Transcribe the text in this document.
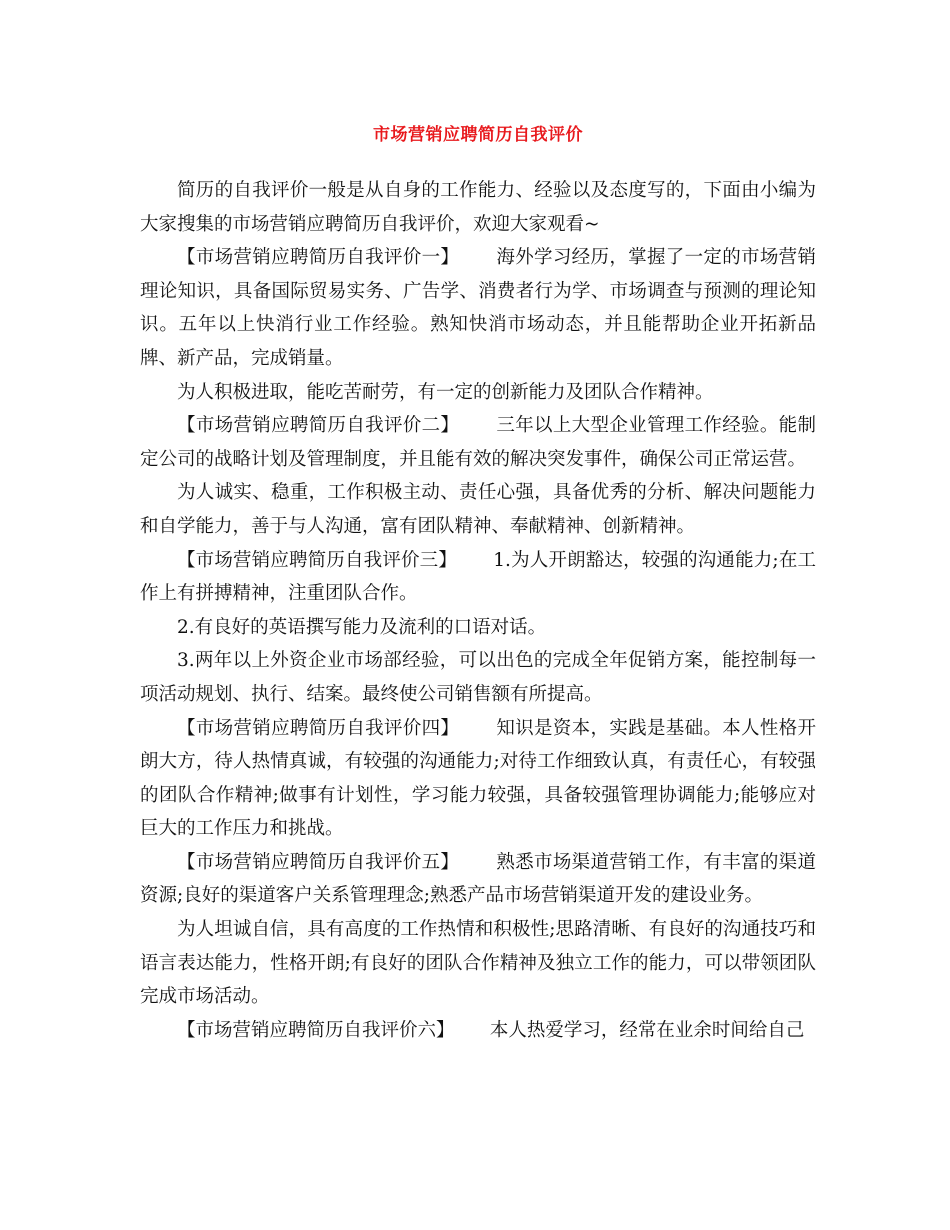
市场营销应聘简历自我评价

简历的自我评价一般是从自身的工作能力、经验以及态度写的，下面由小编为大家搜集的市场营销应聘简历自我评价，欢迎大家观看~

【市场营销应聘简历自我评价一】 海外学习经历，掌握了一定的市场营销理论知识，具备国际贸易实务、广告学、消费者行为学、市场调查与预测的理论知识。五年以上快消行业工作经验。熟知快消市场动态，并且能帮助企业开拓新品牌、新产品，完成销量。

为人积极进取，能吃苦耐劳，有一定的创新能力及团队合作精神。

【市场营销应聘简历自我评价二】 三年以上大型企业管理工作经验。能制定公司的战略计划及管理制度，并且能有效的解决突发事件，确保公司正常运营。

为人诚实、稳重，工作积极主动、责任心强，具备优秀的分析、解决问题能力和自学能力，善于与人沟通，富有团队精神、奉献精神、创新精神。

【市场营销应聘简历自我评价三】 1.为人开朗豁达，较强的沟通能力;在工作上有拼搏精神，注重团队合作。

2.有良好的英语撰写能力及流利的口语对话。

3.两年以上外资企业市场部经验，可以出色的完成全年促销方案，能控制每一项活动规划、执行、结案。最终使公司销售额有所提高。

【市场营销应聘简历自我评价四】 知识是资本，实践是基础。本人性格开朗大方，待人热情真诚，有较强的沟通能力;对待工作细致认真，有责任心，有较强的团队合作精神;做事有计划性，学习能力较强，具备较强管理协调能力;能够应对巨大的工作压力和挑战。

【市场营销应聘简历自我评价五】 熟悉市场渠道营销工作，有丰富的渠道资源;良好的渠道客户关系管理理念;熟悉产品市场营销渠道开发的建设业务。

为人坦诚自信，具有高度的工作热情和积极性;思路清晰、有良好的沟通技巧和语言表达能力，性格开朗;有良好的团队合作精神及独立工作的能力，可以带领团队完成市场活动。

【市场营销应聘简历自我评价六】 本人热爱学习，经常在业余时间给自己
